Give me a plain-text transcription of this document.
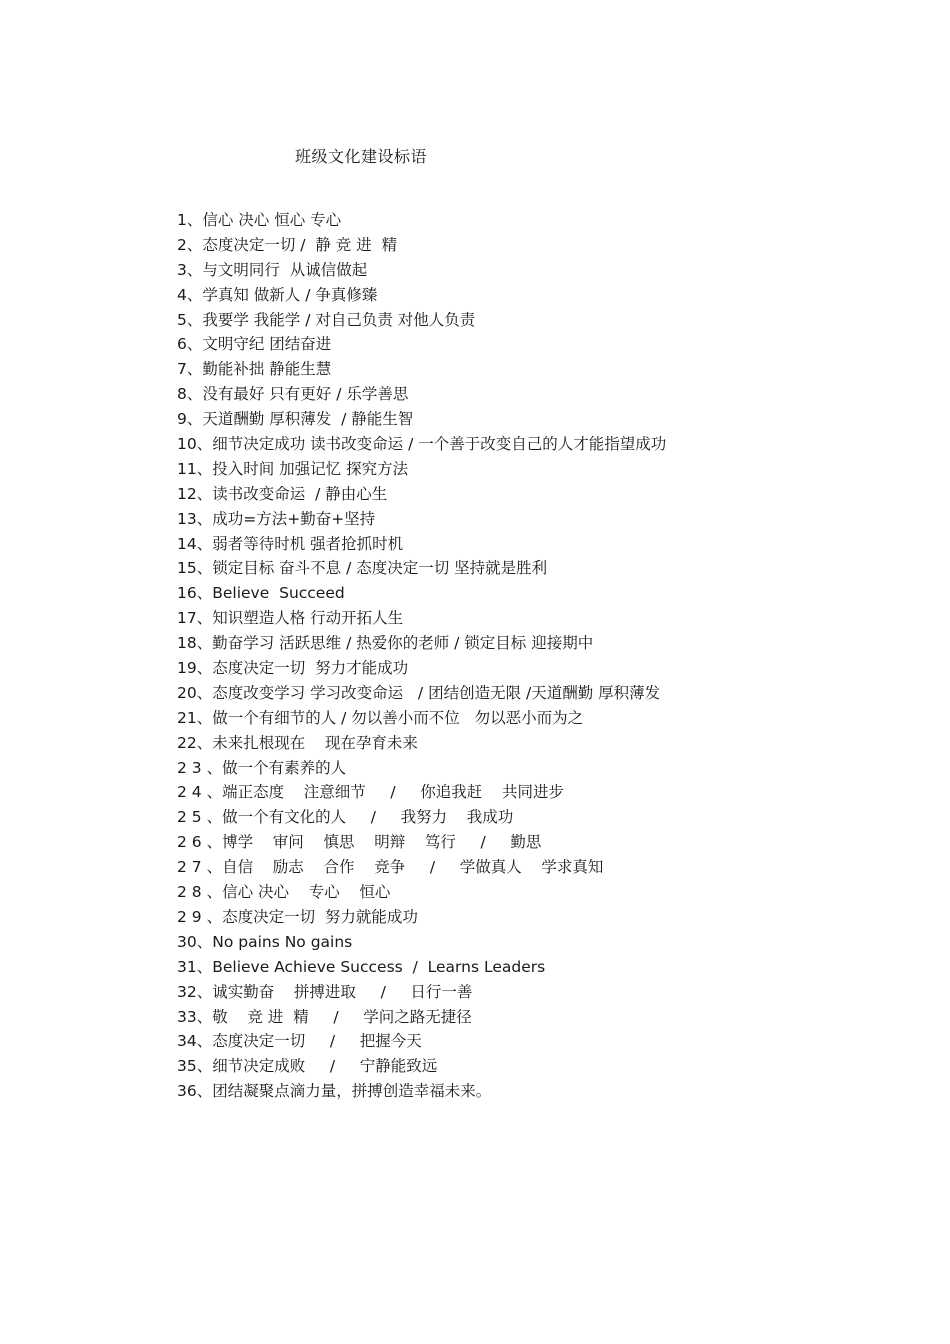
班级文化建设标语
1、信心 决心 恒心 专心
2、态度决定一切 /  静 竞 进  精
3、与文明同行  从诚信做起
4、学真知 做新人 / 争真修臻
5、我要学 我能学 / 对自己负责 对他人负责
6、文明守纪 团结奋进
7、勤能补拙 静能生慧
8、没有最好 只有更好 / 乐学善思
9、天道酬勤 厚积薄发  / 静能生智
10、细节决定成功 读书改变命运 / 一个善于改变自己的人才能指望成功
11、投入时间 加强记忆 探究方法
12、读书改变命运  / 静由心生
13、成功=方法+勤奋+坚持
14、弱者等待时机 强者抢抓时机
15、锁定目标 奋斗不息 / 态度决定一切 坚持就是胜利
16、Believe  Succeed
17、知识塑造人格 行动开拓人生
18、勤奋学习 活跃思维 / 热爱你的老师 / 锁定目标 迎接期中
19、态度决定一切  努力才能成功
20、态度改变学习 学习改变命运   / 团结创造无限 /天道酬勤 厚积薄发
21、做一个有细节的人 / 勿以善小而不位   勿以恶小而为之
22、未来扎根现在    现在孕育未来
2 3 、做一个有素养的人
2 4 、端正态度    注意细节     /     你追我赶    共同进步
2 5 、做一个有文化的人     /     我努力    我成功
2 6 、博学    审问    慎思    明辩    笃行     /     勤思
2 7 、自信    励志    合作    竞争     /     学做真人    学求真知
2 8 、信心 决心    专心    恒心
2 9 、态度决定一切  努力就能成功
30、No pains No gains
31、Believe Achieve Success  /  Learns Leaders
32、诚实勤奋    拼搏进取     /     日行一善
33、敬    竞 进  精     /     学问之路无捷径
34、态度决定一切     /     把握今天
35、细节决定成败     /     宁静能致远
36、团结凝聚点滴力量，拼搏创造幸福未来。
